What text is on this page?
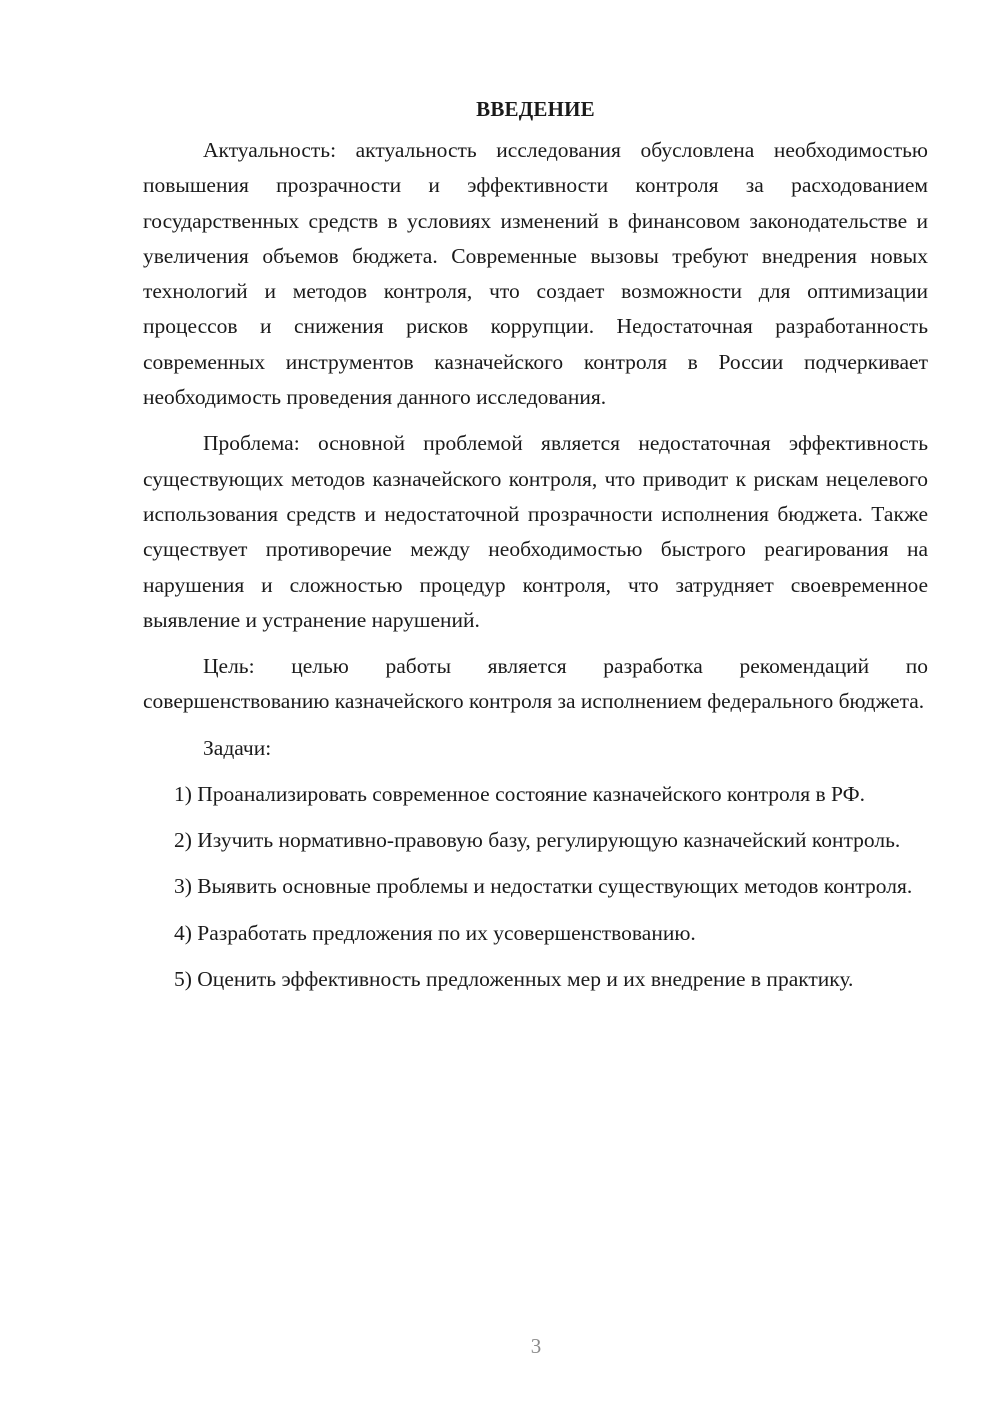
ВВЕДЕНИЕ

Актуальность: актуальность исследования обусловлена необходимостью повышения прозрачности и эффективности контроля за расходованием государственных средств в условиях изменений в финансовом законодательстве и увеличения объемов бюджета. Современные вызовы требуют внедрения новых технологий и методов контроля, что создает возможности для оптимизации процессов и снижения рисков коррупции. Недостаточная разработанность современных инструментов казначейского контроля в России подчеркивает необходимость проведения данного исследования.

Проблема: основной проблемой является недостаточная эффективность существующих методов казначейского контроля, что приводит к рискам нецелевого использования средств и недостаточной прозрачности исполнения бюджета. Также существует противоречие между необходимостью быстрого реагирования на нарушения и сложностью процедур контроля, что затрудняет своевременное выявление и устранение нарушений.

Цель: целью работы является разработка рекомендаций по совершенствованию казначейского контроля за исполнением федерального бюджета.

Задачи:

1) Проанализировать современное состояние казначейского контроля в РФ.

2) Изучить нормативно-правовую базу, регулирующую казначейский контроль.

3) Выявить основные проблемы и недостатки существующих методов контроля.

4) Разработать предложения по их усовершенствованию.

5) Оценить эффективность предложенных мер и их внедрение в практику.

3
